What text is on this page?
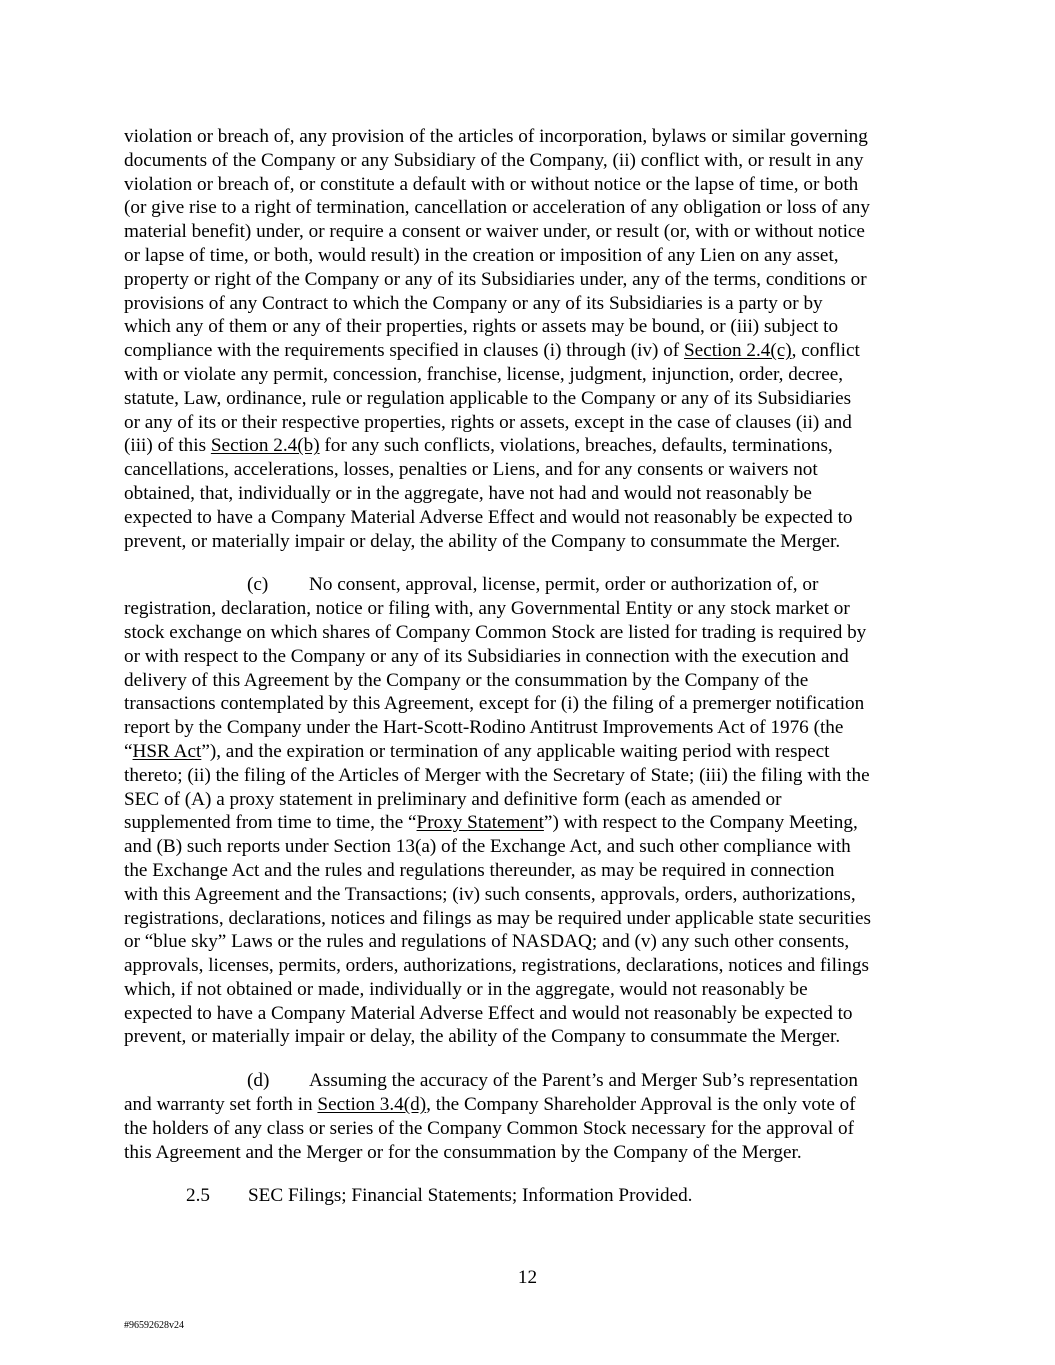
violation or breach of, any provision of the articles of incorporation, bylaws or similar governing
documents of the Company or any Subsidiary of the Company, (ii) conflict with, or result in any
violation or breach of, or constitute a default with or without notice or the lapse of time, or both
(or give rise to a right of termination, cancellation or acceleration of any obligation or loss of any
material benefit) under, or require a consent or waiver under, or result (or, with or without notice
or lapse of time, or both, would result) in the creation or imposition of any Lien on any asset,
property or right of the Company or any of its Subsidiaries under, any of the terms, conditions or
provisions of any Contract to which the Company or any of its Subsidiaries is a party or by
which any of them or any of their properties, rights or assets may be bound, or (iii) subject to
compliance with the requirements specified in clauses (i) through (iv) of Section 2.4(c), conflict
with or violate any permit, concession, franchise, license, judgment, injunction, order, decree,
statute, Law, ordinance, rule or regulation applicable to the Company or any of its Subsidiaries
or any of its or their respective properties, rights or assets, except in the case of clauses (ii) and
(iii) of this Section 2.4(b) for any such conflicts, violations, breaches, defaults, terminations,
cancellations, accelerations, losses, penalties or Liens, and for any consents or waivers not
obtained, that, individually or in the aggregate, have not had and would not reasonably be
expected to have a Company Material Adverse Effect and would not reasonably be expected to
prevent, or materially impair or delay, the ability of the Company to consummate the Merger.
(c) No consent, approval, license, permit, order or authorization of, or
registration, declaration, notice or filing with, any Governmental Entity or any stock market or
stock exchange on which shares of Company Common Stock are listed for trading is required by
or with respect to the Company or any of its Subsidiaries in connection with the execution and
delivery of this Agreement by the Company or the consummation by the Company of the
transactions contemplated by this Agreement, except for (i) the filing of a premerger notification
report by the Company under the Hart-Scott-Rodino Antitrust Improvements Act of 1976 (the
“HSR Act”), and the expiration or termination of any applicable waiting period with respect
thereto; (ii) the filing of the Articles of Merger with the Secretary of State; (iii) the filing with the
SEC of (A) a proxy statement in preliminary and definitive form (each as amended or
supplemented from time to time, the “Proxy Statement”) with respect to the Company Meeting,
and (B) such reports under Section 13(a) of the Exchange Act, and such other compliance with
the Exchange Act and the rules and regulations thereunder, as may be required in connection
with this Agreement and the Transactions; (iv) such consents, approvals, orders, authorizations,
registrations, declarations, notices and filings as may be required under applicable state securities
or “blue sky” Laws or the rules and regulations of NASDAQ; and (v) any such other consents,
approvals, licenses, permits, orders, authorizations, registrations, declarations, notices and filings
which, if not obtained or made, individually or in the aggregate, would not reasonably be
expected to have a Company Material Adverse Effect and would not reasonably be expected to
prevent, or materially impair or delay, the ability of the Company to consummate the Merger.
(d) Assuming the accuracy of the Parent’s and Merger Sub’s representation
and warranty set forth in Section 3.4(d), the Company Shareholder Approval is the only vote of
the holders of any class or series of the Company Common Stock necessary for the approval of
this Agreement and the Merger or for the consummation by the Company of the Merger.
2.5 SEC Filings; Financial Statements; Information Provided.
12
#96592628v24
